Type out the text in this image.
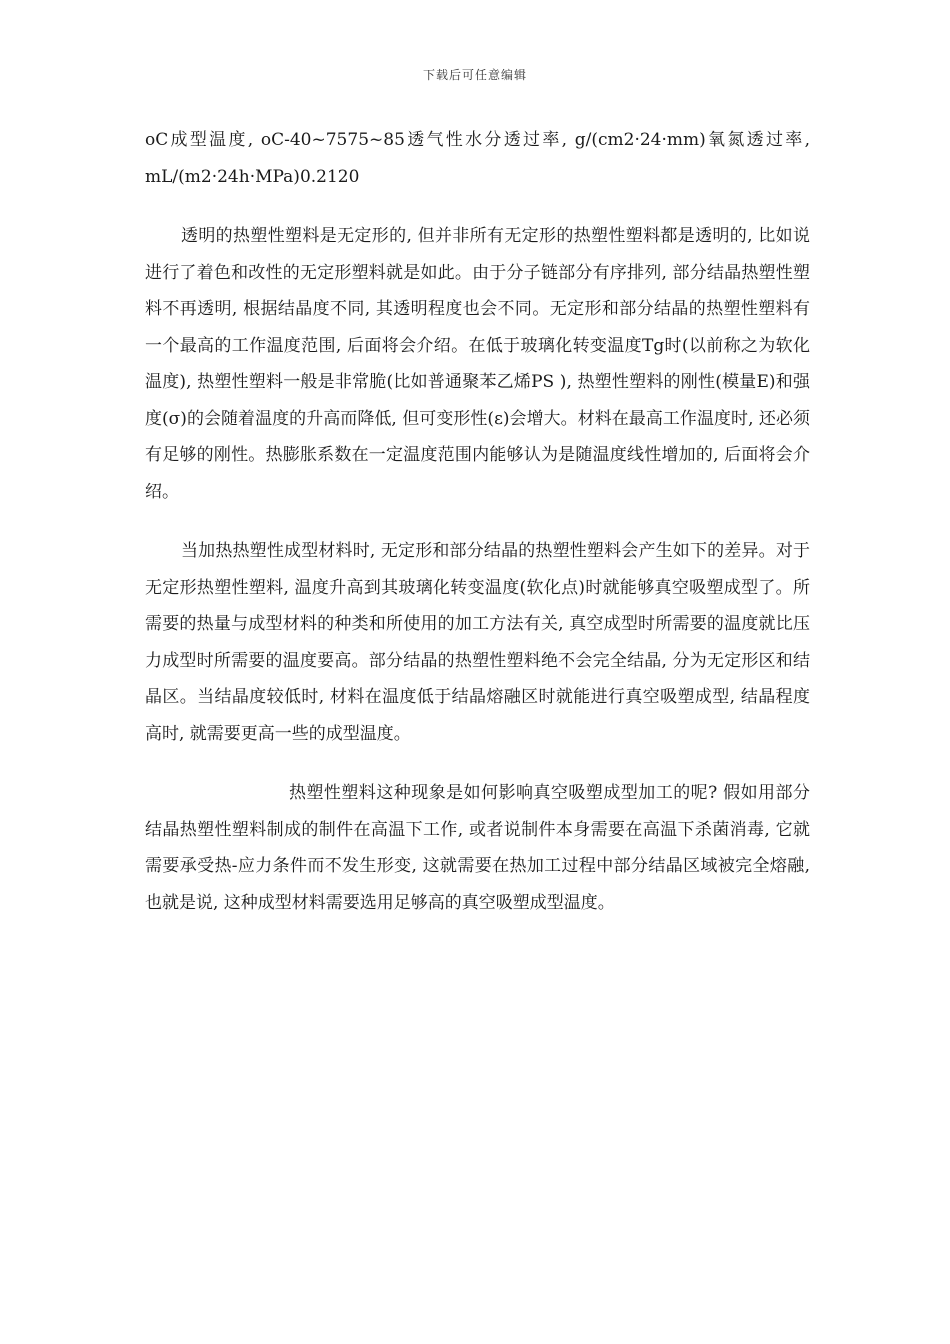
下载后可任意编辑

oC成型温度, oC-40~7575~85透气性水分透过率, g/(cm2·24·mm)氧氮透过率, mL/(m2·24h·MPa)0.2120

透明的热塑性塑料是无定形的, 但并非所有无定形的热塑性塑料都是透明的, 比如说进行了着色和改性的无定形塑料就是如此。由于分子链部分有序排列, 部分结晶热塑性塑料不再透明, 根据结晶度不同, 其透明程度也会不同。无定形和部分结晶的热塑性塑料有一个最高的工作温度范围, 后面将会介绍。在低于玻璃化转变温度Tg时(以前称之为软化温度), 热塑性塑料一般是非常脆(比如普通聚苯乙烯PS ), 热塑性塑料的刚性(模量E)和强度(σ)的会随着温度的升高而降低, 但可变形性(ε)会增大。材料在最高工作温度时, 还必须有足够的刚性。热膨胀系数在一定温度范围内能够认为是随温度线性增加的, 后面将会介绍。

当加热热塑性成型材料时, 无定形和部分结晶的热塑性塑料会产生如下的差异。对于无定形热塑性塑料, 温度升高到其玻璃化转变温度(软化点)时就能够真空吸塑成型了。所需要的热量与成型材料的种类和所使用的加工方法有关, 真空成型时所需要的温度就比压力成型时所需要的温度要高。部分结晶的热塑性塑料绝不会完全结晶, 分为无定形区和结晶区。当结晶度较低时, 材料在温度低于结晶熔融区时就能进行真空吸塑成型, 结晶程度高时, 就需要更高一些的成型温度。

热塑性塑料这种现象是如何影响真空吸塑成型加工的呢? 假如用部分结晶热塑性塑料制成的制件在高温下工作, 或者说制件本身需要在高温下杀菌消毒, 它就需要承受热-应力条件而不发生形变, 这就需要在热加工过程中部分结晶区域被完全熔融, 也就是说, 这种成型材料需要选用足够高的真空吸塑成型温度。
